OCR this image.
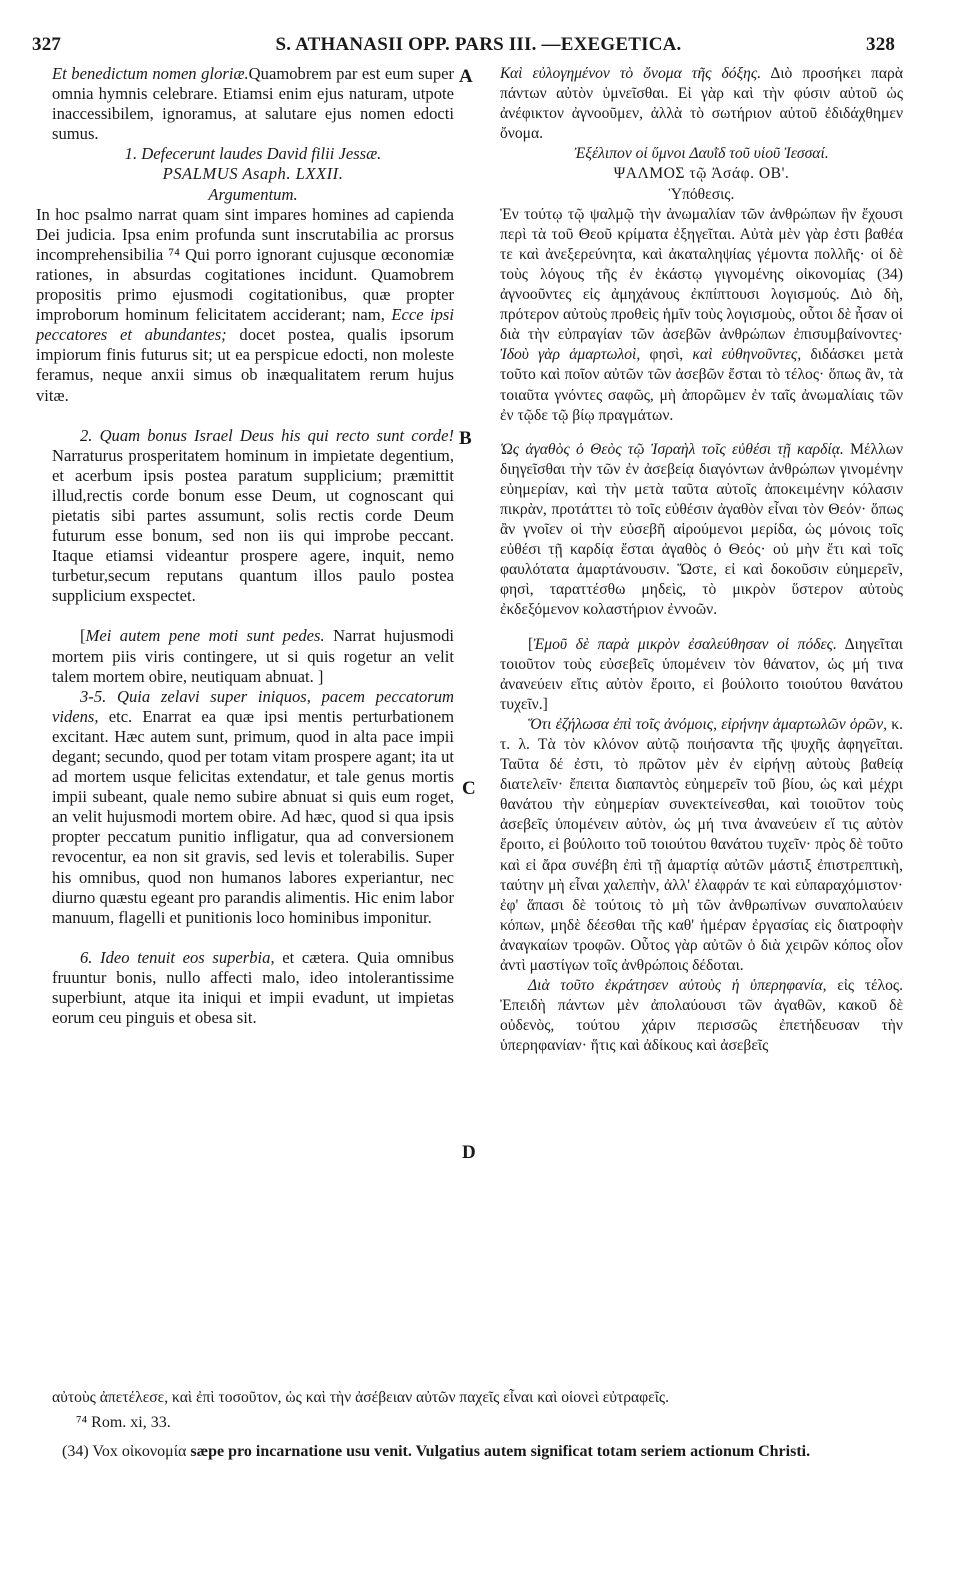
327	S. ATHANASII OPP. PARS III. —EXEGETICA.	328
A
B
C
D

Et benedictum nomen gloriæ.Quamobrem par est eum super omnia hymnis celebrare. Etiamsi enim ejus naturam, utpote inaccessibilem, ignoramus, at salutare ejus nomen edocti sumus.

1. Defecerunt laudes David filii Jessæ.

PSALMUS Asaph. LXXII.

Argumentum.

In hoc psalmo narrat quam sint impares homines ad capienda Dei judicia. Ipsa enim profunda sunt inscrutabilia ac prorsus incomprehensibilia ⁷⁴ Qui porro ignorant cujusque œconomiæ rationes, in absurdas cogitationes incidunt. Quamobrem propositis primo ejusmodi cogitationibus, quæ propter improborum hominum felicitatem acciderant; nam, Ecce ipsi peccatores et abundantes; docet postea, qualis ipsorum impiorum finis futurus sit; ut ea perspicue edocti, non moleste feramus, neque anxii simus ob inæqualitatem rerum hujus vitæ.

2. Quam bonus Israel Deus his qui recto sunt corde! Narraturus prosperitatem hominum in impietate degentium, et acerbum ipsis postea paratum supplicium; præmittit illud,rectis corde bonum esse Deum, ut cognoscant qui pietatis sibi partes assumunt, solis rectis corde Deum futurum esse bonum, sed non iis qui improbe peccant. Itaque etiamsi videantur prospere agere, inquit, nemo turbetur,secum reputans quantum illos paulo postea supplicium exspectet.

[Mei autem pene moti sunt pedes. Narrat hujusmodi mortem piis viris contingere, ut si quis rogetur an velit talem mortem obire, neutiquam abnuat. ]

3-5. Quia zelavi super iniquos, pacem peccatorum videns, etc. Enarrat ea quæ ipsi mentis perturbationem excitant. Hæc autem sunt, primum, quod in alta pace impii degant; secundo, quod per totam vitam prospere agant; ita ut ad mortem usque felicitas extendatur, et tale genus mortis impii subeant, quale nemo subire abnuat si quis eum roget, an velit hujusmodi mortem obire. Ad hæc, quod si qua ipsis propter peccatum punitio infligatur, qua ad conversionem revocentur, ea non sit gravis, sed levis et tolerabilis. Super his omnibus, quod non humanos labores experiantur, nec diurno quæstu egeant pro parandis alimentis. Hic enim labor manuum, flagelli et punitionis loco hominibus imponitur.

6. Ideo tenuit eos superbia, et cætera. Quia omnibus fruuntur bonis, nullo affecti malo, ideo intolerantissime superbiunt, atque ita iniqui et impii evadunt, ut impietas eorum ceu pinguis et obesa sit.

Καὶ εὐλογημένον τὸ ὄνομα τῆς δόξης. Διὸ προσήκει παρὰ πάντων αὐτὸν ὑμνεῖσθαι. Εἰ γὰρ καὶ τὴν φύσιν αὐτοῦ ὡς ἀνέφικτον ἀγνοοῦμεν, ἀλλὰ τὸ σωτήριον αὐτοῦ ἐδιδάχθημεν ὄνομα.

Ἐξέλιπον οἱ ὕμνοι Δαυῒδ τοῦ υἱοῦ Ἰεσσαί.

ΨΑΛΜΟΣ τῷ Ἀσάφ. ΟΒ'.

Ὑπόθεσις.

Ἐν τούτῳ τῷ ψαλμῷ τὴν ἀνωμαλίαν τῶν ἀνθρώπων ἣν ἔχουσι περὶ τὰ τοῦ Θεοῦ κρίματα ἐξηγεῖται. Αὐτὰ μὲν γὰρ ἐστι βαθέα τε καὶ ἀνεξερεύνητα, καὶ ἀκαταληψίας γέμοντα πολλῆς· οἱ δὲ τοὺς λόγους τῆς ἐν ἑκάστῳ γιγνομένης οἰκονομίας (34) ἀγνοοῦντες εἰς ἀμηχάνους ἐκπίπτουσι λογισμούς. Διὸ δὴ, πρότερον αὐτοὺς προθεὶς ἡμῖν τοὺς λογισμοὺς, οὗτοι δὲ ἦσαν οἱ διὰ τὴν εὐπραγίαν τῶν ἀσεβῶν ἀνθρώπων ἐπισυμβαίνοντες· Ἰδοὺ γὰρ ἁμαρτωλοὶ, φησὶ, καὶ εὐθηνοῦντες, διδάσκει μετὰ τοῦτο καὶ ποῖον αὐτῶν τῶν ἀσεβῶν ἔσται τὸ τέλος· ὅπως ἂν, τὰ τοιαῦτα γνόντες σαφῶς, μὴ ἀπορῶμεν ἐν ταῖς ἀνωμαλίαις τῶν ἐν τῷδε τῷ βίῳ πραγμάτων.

Ὡς ἀγαθὸς ὁ Θεὸς τῷ Ἰσραὴλ τοῖς εὐθέσι τῇ καρδίᾳ. Μέλλων διηγεῖσθαι τὴν τῶν ἐν ἀσεβείᾳ διαγόντων ἀνθρώπων γινομένην εὐημερίαν, καὶ τὴν μετὰ ταῦτα αὐτοῖς ἀποκειμένην κόλασιν πικρὰν, προτάττει τὸ τοῖς εὐθέσιν ἀγαθὸν εἶναι τὸν Θεόν· ὅπως ἂν γνοῖεν οἱ τὴν εὐσεβῆ αἱρούμενοι μερίδα, ὡς μόνοις τοῖς εὐθέσι τῇ καρδίᾳ ἔσται ἀγαθὸς ὁ Θεός· οὐ μὴν ἔτι καὶ τοῖς φαυλότατα ἁμαρτάνουσιν. Ὥστε, εἰ καὶ δοκοῦσιν εὐημερεῖν, φησὶ, ταραττέσθω μηδεὶς, τὸ μικρὸν ὕστερον αὐτοὺς ἐκδεξόμενον κολαστήριον ἐννοῶν.

[Ἐμοῦ δὲ παρὰ μικρὸν ἐσαλεύθησαν οἱ πόδες. Διηγεῖται τοιοῦτον τοὺς εὐσεβεῖς ὑπομένειν τὸν θάνατον, ὡς μή τινα ἀνανεύειν εἴτις αὐτὸν ἔροιτο, εἰ βούλοιτο τοιούτου θανάτου τυχεῖν.]

Ὅτι ἐζήλωσα ἐπὶ τοῖς ἀνόμοις, εἰρήνην ἁμαρτωλῶν ὁρῶν, κ. τ. λ. Τὰ τὸν κλόνον αὐτῷ ποιήσαντα τῆς ψυχῆς ἀφηγεῖται. Ταῦτα δέ ἐστι, τὸ πρῶτον μὲν ἐν εἰρήνῃ αὐτοὺς βαθείᾳ διατελεῖν· ἔπειτα διαπαντὸς εὐημερεῖν τοῦ βίου, ὡς καὶ μέχρι θανάτου τὴν εὐημερίαν συνεκτείνεσθαι, καὶ τοιοῦτον τοὺς ἀσεβεῖς ὑπομένειν αὐτὸν, ὡς μή τινα ἀνανεύειν εἴ τις αὐτὸν ἔροιτο, εἰ βούλοιτο τοῦ τοιούτου θανάτου τυχεῖν· πρὸς δὲ τοῦτο καὶ εἰ ἄρα συνέβη ἐπὶ τῇ ἁμαρτίᾳ αὐτῶν μάστιξ ἐπιστρεπτικὴ, ταύτην μὴ εἶναι χαλεπὴν, ἀλλ' ἐλαφράν τε καὶ εὐπαραχόμιστον· ἐφ' ἅπασι δὲ τούτοις τὸ μὴ τῶν ἀνθρωπίνων συναπολαύειν κόπων, μηδὲ δέεσθαι τῆς καθ' ἡμέραν ἐργασίας εἰς διατροφὴν ἀναγκαίων τροφῶν. Οὗτος γὰρ αὐτῶν ὁ διὰ χειρῶν κόπος οἷον ἀντὶ μαστίγων τοῖς ἀνθρώποις δέδοται.

Διὰ τοῦτο ἐκράτησεν αὐτοὺς ἡ ὑπερηφανία, εἰς τέλος. Ἐπειδὴ πάντων μὲν ἀπολαύουσι τῶν ἀγαθῶν, κακοῦ δὲ οὐδενὸς, τούτου χάριν περισσῶς ἐπετήδευσαν τὴν ὑπερηφανίαν· ἥτις καὶ ἀδίκους καὶ ἀσεβεῖς

αὐτοὺς ἀπετέλεσε, καὶ ἐπὶ τοσοῦτον, ὡς καὶ τὴν ἀσέβειαν αὐτῶν παχεῖς εἶναι καὶ οἱονεὶ εὐτραφεῖς.
⁷⁴ Rom. xi, 33.
(34) Vox οἰκονομία sæpe pro incarnatione usu venit. Vulgatius autem significat totam seriem actionum Christi.
